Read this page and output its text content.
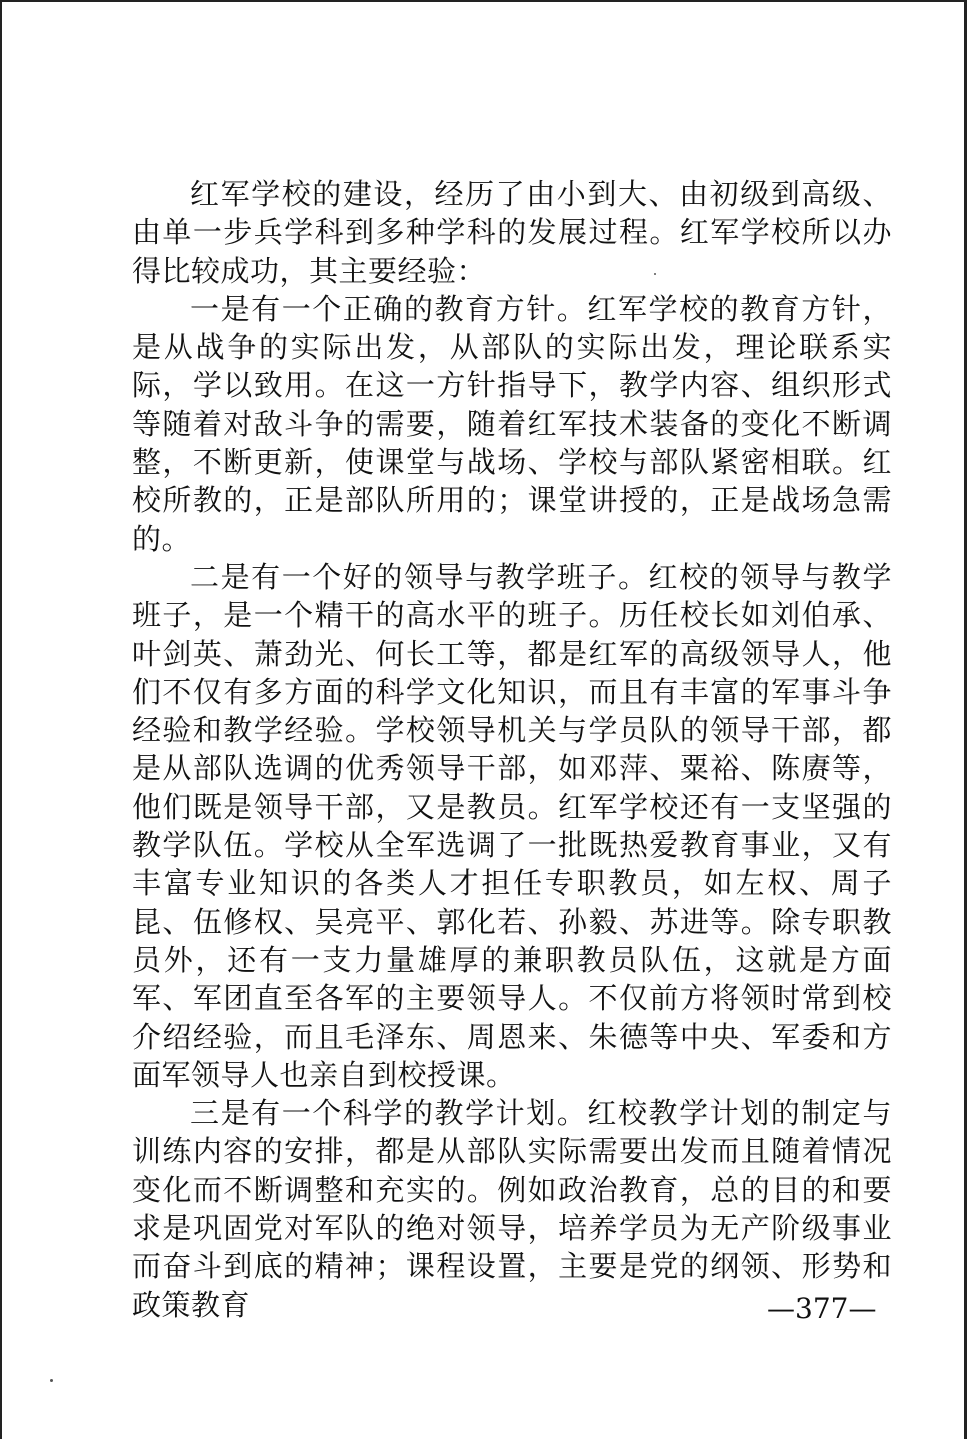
红军学校的建设，经历了由小到大、由初级到高级、由单一步兵学科到多种学科的发展过程。红军学校所以办得比较成功，其主要经验：

一是有一个正确的教育方针。红军学校的教育方针，是从战争的实际出发，从部队的实际出发，理论联系实际，学以致用。在这一方针指导下，教学内容、组织形式等随着对敌斗争的需要，随着红军技术装备的变化不断调整，不断更新，使课堂与战场、学校与部队紧密相联。红校所教的，正是部队所用的；课堂讲授的，正是战场急需的。

二是有一个好的领导与教学班子。红校的领导与教学班子，是一个精干的高水平的班子。历任校长如刘伯承、叶剑英、萧劲光、何长工等，都是红军的高级领导人，他们不仅有多方面的科学文化知识，而且有丰富的军事斗争经验和教学经验。学校领导机关与学员队的领导干部，都是从部队选调的优秀领导干部，如邓萍、粟裕、陈赓等，他们既是领导干部，又是教员。红军学校还有一支坚强的教学队伍。学校从全军选调了一批既热爱教育事业，又有丰富专业知识的各类人才担任专职教员，如左权、周子昆、伍修权、吴亮平、郭化若、孙毅、苏进等。除专职教员外，还有一支力量雄厚的兼职教员队伍，这就是方面军、军团直至各军的主要领导人。不仅前方将领时常到校介绍经验，而且毛泽东、周恩来、朱德等中央、军委和方面军领导人也亲自到校授课。

三是有一个科学的教学计划。红校教学计划的制定与训练内容的安排，都是从部队实际需要出发而且随着情况变化而不断调整和充实的。例如政治教育，总的目的和要求是巩固党对军队的绝对领导，培养学员为无产阶级事业而奋斗到底的精神；课程设置，主要是党的纲领、形势和政策教育	—377—
